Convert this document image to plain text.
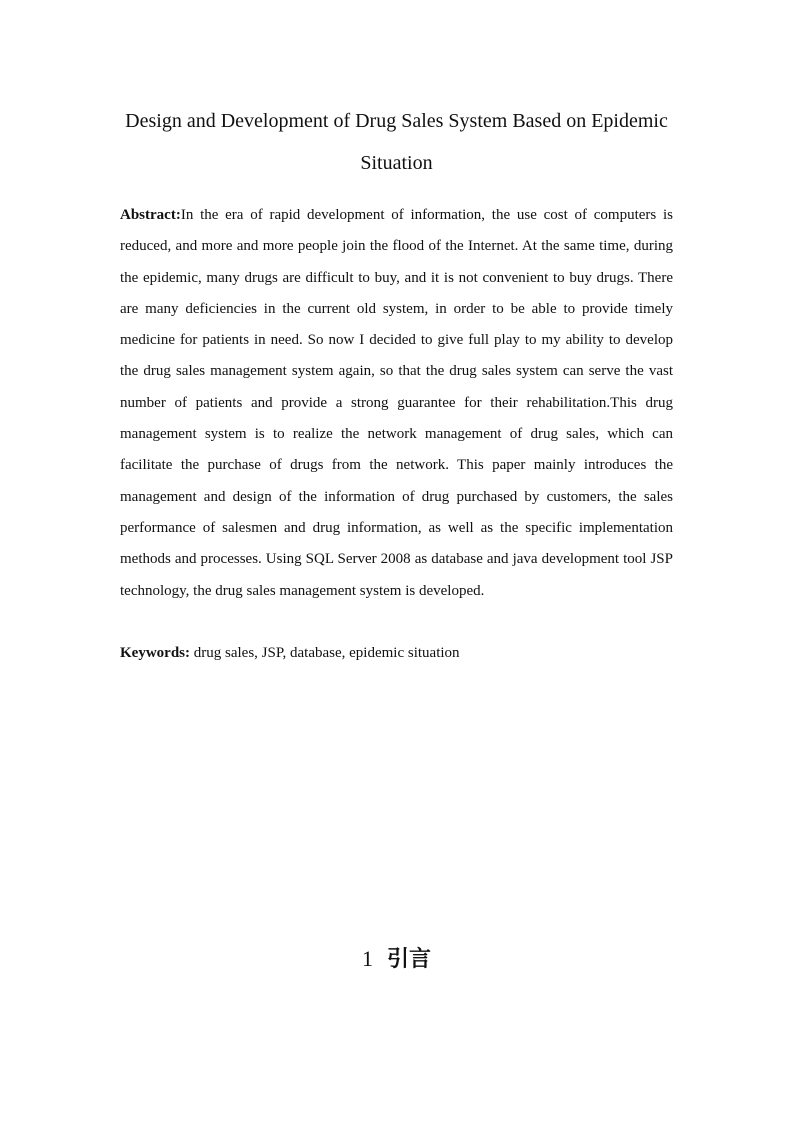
Design and Development of Drug Sales System Based on Epidemic Situation

Abstract:In the era of rapid development of information, the use cost of computers is reduced, and more and more people join the flood of the Internet. At the same time, during the epidemic, many drugs are difficult to buy, and it is not convenient to buy drugs. There are many deficiencies in the current old system, in order to be able to provide timely medicine for patients in need. So now I decided to give full play to my ability to develop the drug sales management system again, so that the drug sales system can serve the vast number of patients and provide a strong guarantee for their rehabilitation.This drug management system is to realize the network management of drug sales, which can facilitate the purchase of drugs from the network. This paper mainly introduces the management and design of the information of drug purchased by customers, the sales performance of salesmen and drug information, as well as the specific implementation methods and processes. Using SQL Server 2008 as database and java development tool JSP technology, the drug sales management system is developed.

Keywords: drug sales, JSP, database, epidemic situation

1 引言
